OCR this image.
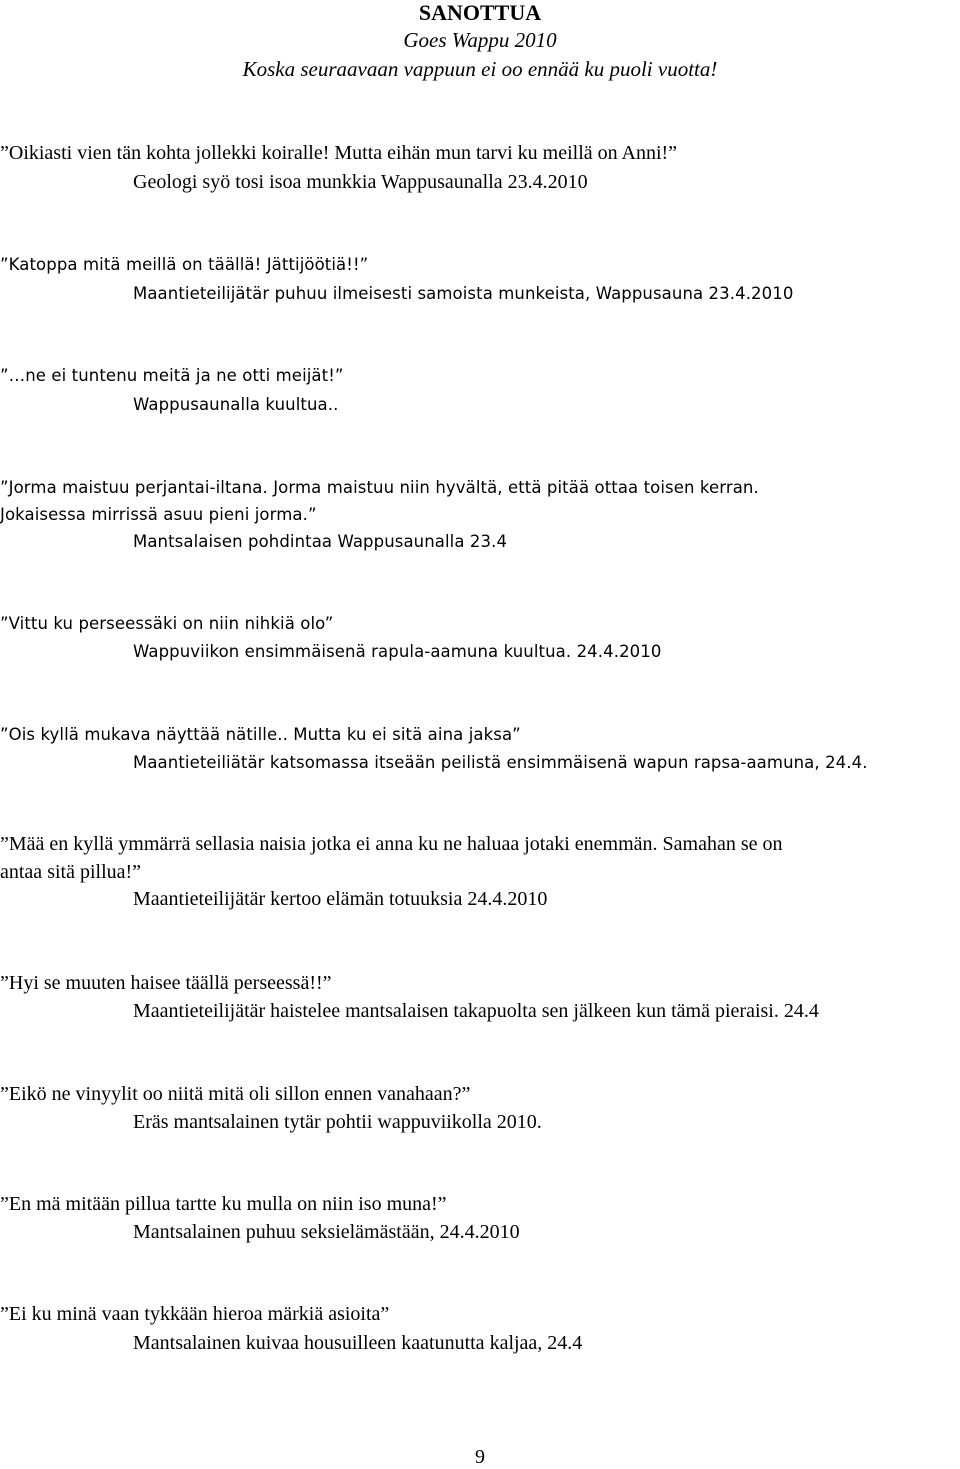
SANOTTUA
Goes Wappu 2010
Koska seuraavaan vappuun ei oo ennää ku puoli vuotta!
”Oikiasti vien tän kohta jollekki koiralle! Mutta eihän mun tarvi ku meillä on Anni!”
Geologi syö tosi isoa munkkia Wappusaunalla 23.4.2010
”Katoppa mitä meillä on täällä! Jättijöötiä!!”
Maantieteilijätär puhuu ilmeisesti samoista munkeista, Wappusauna 23.4.2010
”…ne ei tuntenu meitä ja ne otti meijät!”
Wappusaunalla kuultua..
”Jorma maistuu perjantai-iltana. Jorma maistuu niin hyvältä, että pitää ottaa toisen kerran.
Jokaisessa mirrissä asuu pieni jorma.”
Mantsalaisen pohdintaa Wappusaunalla 23.4
”Vittu ku perseessäki on niin nihkiä olo”
Wappuviikon ensimmäisenä rapula-aamuna kuultua. 24.4.2010
”Ois kyllä mukava näyttää nätille.. Mutta ku ei sitä aina jaksa”
Maantieteiliätär katsomassa itseään peilistä ensimmäisenä wapun rapsa-aamuna, 24.4.
”Mää en kyllä ymmärrä sellasia naisia jotka ei anna ku ne haluaa jotaki enemmän. Samahan se on
antaa sitä pillua!”
Maantieteilijätär kertoo elämän totuuksia 24.4.2010
”Hyi se muuten haisee täällä perseessä!!”
Maantieteilijätär haistelee mantsalaisen takapuolta sen jälkeen kun tämä pieraisi. 24.4
”Eikö ne vinyylit oo niitä mitä oli sillon ennen vanahaan?”
Eräs mantsalainen tytär pohtii wappuviikolla 2010.
”En mä mitään pillua tartte ku mulla on niin iso muna!”
Mantsalainen puhuu seksielämästään, 24.4.2010
”Ei ku minä vaan tykkään hieroa märkiä asioita”
Mantsalainen kuivaa housuilleen kaatunutta kaljaa, 24.4
9
